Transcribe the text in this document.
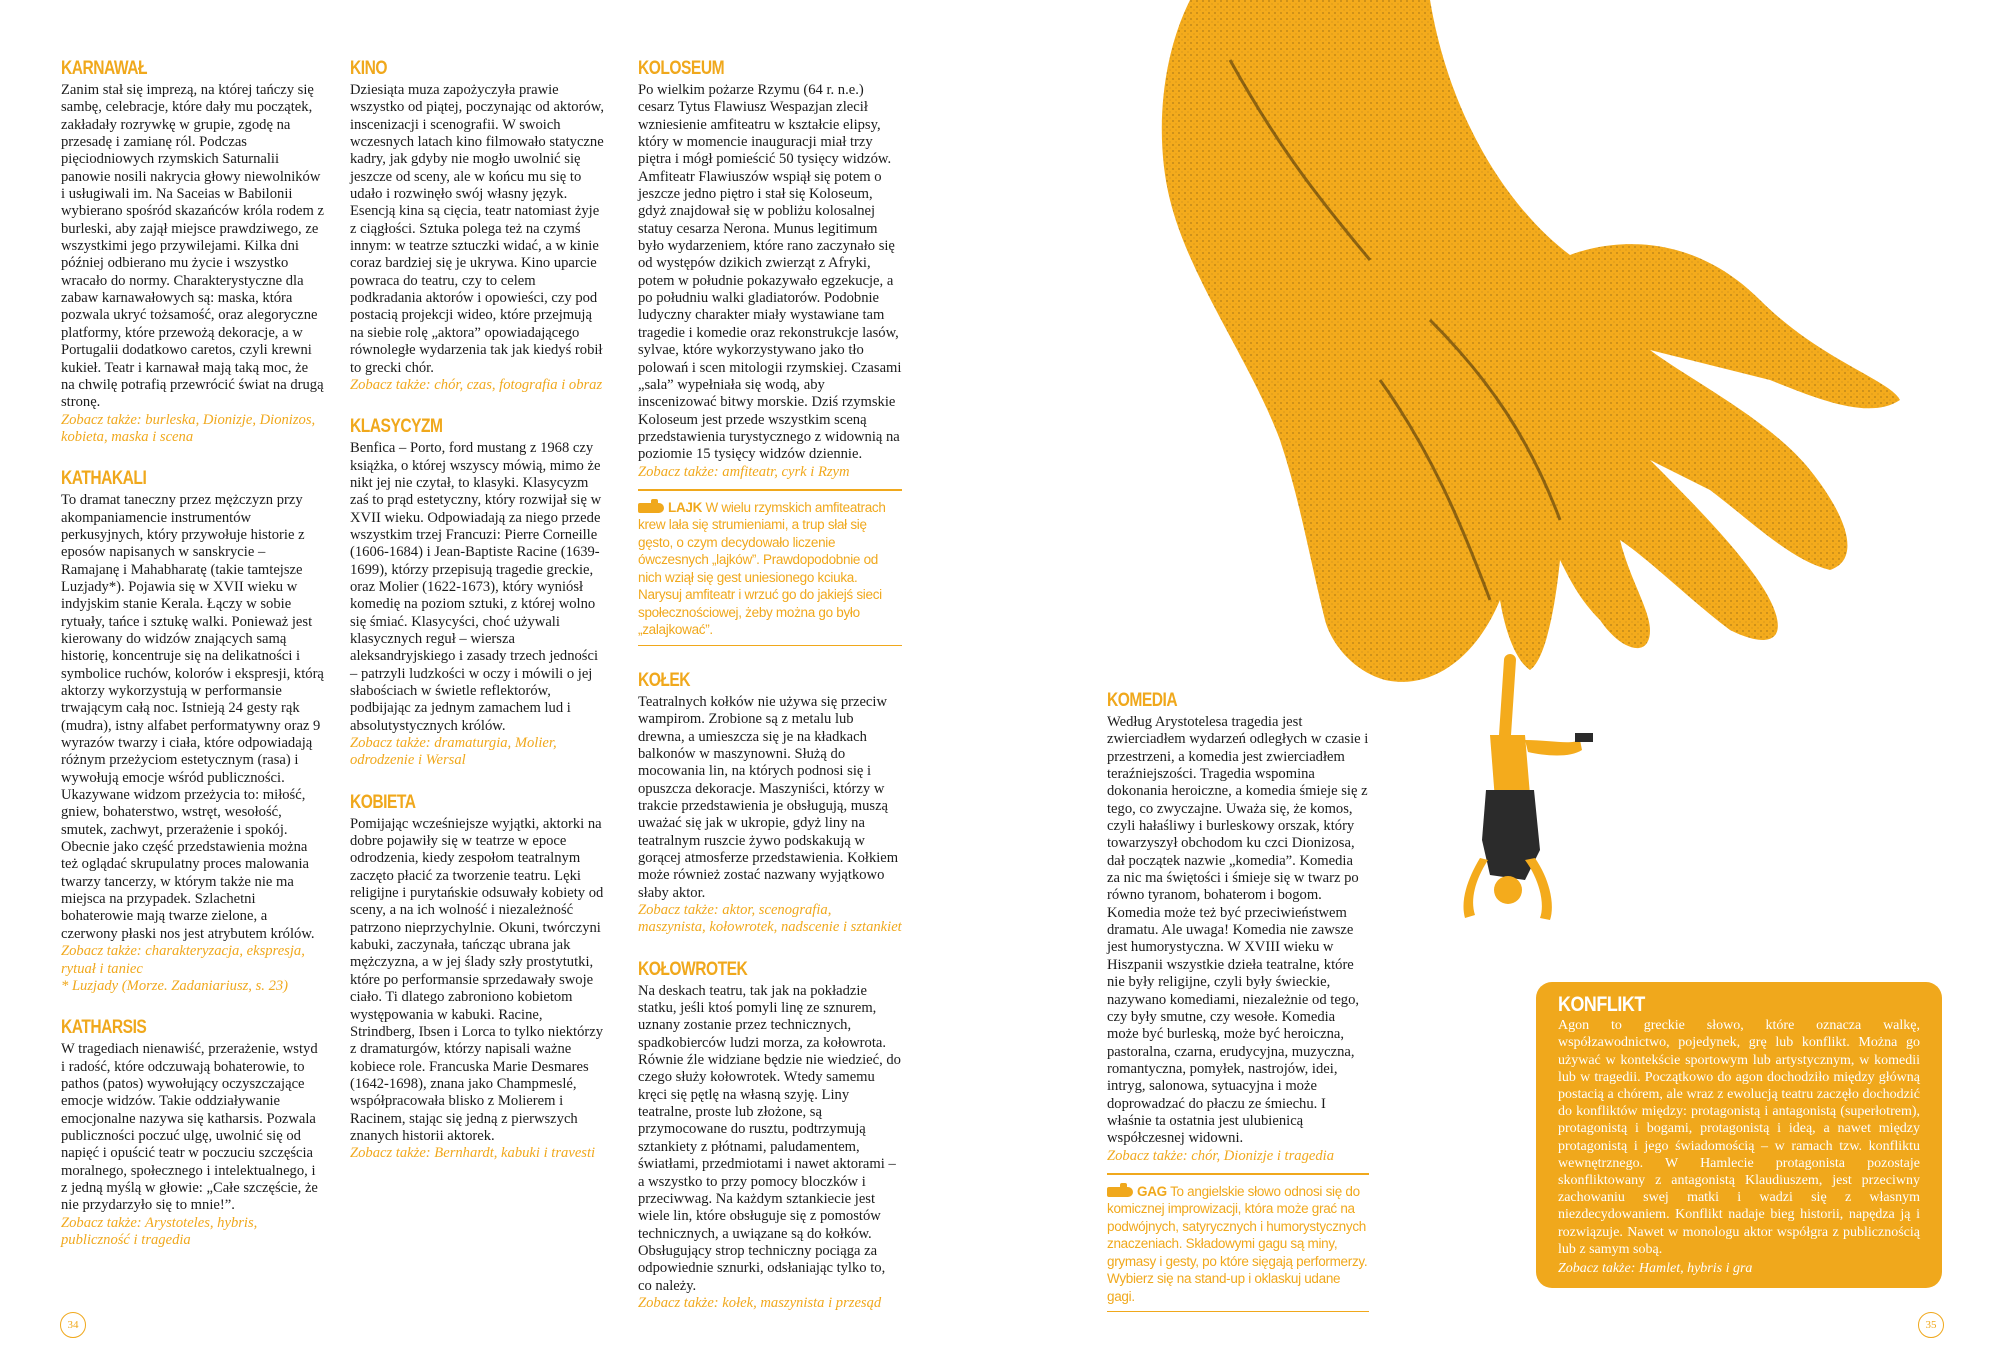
KARNAWAŁ

Zanim stał się imprezą, na której tańczy się sambę, celebracje, które dały mu początek, zakładały rozrywkę w grupie, zgodę na przesadę i zamianę ról. Podczas pięciodniowych rzymskich Saturnalii panowie nosili nakrycia głowy niewolników i usługiwali im. Na Saceias w Babilonii wybierano spośród skazańców króla rodem z burleski, aby zajął miejsce prawdziwego, ze wszystkimi jego przywilejami. Kilka dni później odbierano mu życie i wszystko wracało do normy. Charakterystyczne dla zabaw karnawałowych są: maska, która pozwala ukryć tożsamość, oraz alegoryczne platformy, które przewożą dekoracje, a w Portugalii dodatkowo caretos, czyli krewni kukieł. Teatr i karnawał mają taką moc, że na chwilę potrafią przewrócić świat na drugą stronę.

Zobacz także: burleska, Dionizje, Dionizos, kobieta, maska i scena

KATHAKALI

To dramat taneczny przez mężczyzn przy akompaniamencie instrumentów perkusyjnych, który przywołuje historie z eposów napisanych w sanskrycie – Ramajanę i Mahabharatę (takie tamtejsze Luzjady*). Pojawia się w XVII wieku w indyjskim stanie Kerala. Łączy w sobie rytuały, tańce i sztukę walki. Ponieważ jest kierowany do widzów znających samą historię, koncentruje się na delikatności i symbolice ruchów, kolorów i ekspresji, którą aktorzy wykorzystują w performansie trwającym całą noc. Istnieją 24 gesty rąk (mudra), istny alfabet performatywny oraz 9 wyrazów twarzy i ciała, które odpowiadają różnym przeżyciom estetycznym (rasa) i wywołują emocje wśród publiczności. Ukazywane widzom przeżycia to: miłość, gniew, bohaterstwo, wstręt, wesołość, smutek, zachwyt, przerażenie i spokój. Obecnie jako część przedstawienia można też oglądać skrupulatny proces malowania twarzy tancerzy, w którym także nie ma miejsca na przypadek. Szlachetni bohaterowie mają twarze zielone, a czerwony płaski nos jest atrybutem królów.

Zobacz także: charakteryzacja, ekspresja, rytuał i taniec

* Luzjady (Morze. Zadaniariusz, s. 23)

KATHARSIS

W tragediach nienawiść, przerażenie, wstyd i radość, które odczuwają bohaterowie, to pathos (patos) wywołujący oczyszczające emocje widzów. Takie oddziaływanie emocjonalne nazywa się katharsis. Pozwala publiczności poczuć ulgę, uwolnić się od napięć i opuścić teatr w poczuciu szczęścia moralnego, społecznego i intelektualnego, i z jedną myślą w głowie: „Całe szczęście, że nie przydarzyło się to mnie!”.

Zobacz także: Arystoteles, hybris, publiczność i tragedia

KINO

Dziesiąta muza zapożyczyła prawie wszystko od piątej, poczynając od aktorów, inscenizacji i scenografii. W swoich wczesnych latach kino filmowało statyczne kadry, jak gdyby nie mogło uwolnić się jeszcze od sceny, ale w końcu mu się to udało i rozwinęło swój własny język. Esencją kina są cięcia, teatr natomiast żyje z ciągłości. Sztuka polega też na czymś innym: w teatrze sztuczki widać, a w kinie coraz bardziej się je ukrywa. Kino uparcie powraca do teatru, czy to celem podkradania aktorów i opowieści, czy pod postacią projekcji wideo, które przejmują na siebie rolę „aktora” opowiadającego równoległe wydarzenia tak jak kiedyś robił to grecki chór.

Zobacz także: chór, czas, fotografia i obraz

KLASYCYZM

Benfica – Porto, ford mustang z 1968 czy książka, o której wszyscy mówią, mimo że nikt jej nie czytał, to klasyki. Klasycyzm zaś to prąd estetyczny, który rozwijał się w XVII wieku. Odpowiadają za niego przede wszystkim trzej Francuzi: Pierre Corneille (1606-1684) i Jean-Baptiste Racine (1639-1699), którzy przepisują tragedie greckie, oraz Molier (1622-1673), który wyniósł komedię na poziom sztuki, z której wolno się śmiać. Klasycyści, choć używali klasycznych reguł – wiersza aleksandryjskiego i zasady trzech jedności – patrzyli ludzkości w oczy i mówili o jej słabościach w świetle reflektorów, podbijając za jednym zamachem lud i absolutystycznych królów.

Zobacz także: dramaturgia, Molier, odrodzenie i Wersal

KOBIETA

Pomijając wcześniejsze wyjątki, aktorki na dobre pojawiły się w teatrze w epoce odrodzenia, kiedy zespołom teatralnym zaczęto płacić za tworzenie teatru. Lęki religijne i purytańskie odsuwały kobiety od sceny, a na ich wolność i niezależność patrzono nieprzychylnie. Okuni, twórczyni kabuki, zaczynała, tańcząc ubrana jak mężczyzna, a w jej ślady szły prostytutki, które po performansie sprzedawały swoje ciało. Ti dlatego zabroniono kobietom występowania w kabuki. Racine, Strindberg, Ibsen i Lorca to tylko niektórzy z dramaturgów, którzy napisali ważne kobiece role. Francuska Marie Desmares (1642-1698), znana jako Champmeslé, współpracowała blisko z Molierem i Racinem, stając się jedną z pierwszych znanych historii aktorek.

Zobacz także: Bernhardt, kabuki i travesti

KOLOSEUM

Po wielkim pożarze Rzymu (64 r. n.e.) cesarz Tytus Flawiusz Wespazjan zlecił wzniesienie amfiteatru w kształcie elipsy, który w momencie inauguracji miał trzy piętra i mógł pomieścić 50 tysięcy widzów. Amfiteatr Flawiuszów wspiął się potem o jeszcze jedno piętro i stał się Koloseum, gdyż znajdował się w pobliżu kolosalnej statuy cesarza Nerona. Munus legitimum było wydarzeniem, które rano zaczynało się od występów dzikich zwierząt z Afryki, potem w południe pokazywało egzekucje, a po południu walki gladiatorów. Podobnie ludyczny charakter miały wystawiane tam tragedie i komedie oraz rekonstrukcje lasów, sylvae, które wykorzystywano jako tło polowań i scen mitologii rzymskiej. Czasami „sala” wypełniała się wodą, aby inscenizować bitwy morskie. Dziś rzymskie Koloseum jest przede wszystkim sceną przedstawienia turystycznego z widownią na poziomie 15 tysięcy widzów dziennie.

Zobacz także: amfiteatr, cyrk i Rzym

LAJK W wielu rzymskich amfiteatrach krew lała się strumieniami, a trup słał się gęsto, o czym decydowało liczenie ówczesnych „lajków”. Prawdopodobnie od nich wziął się gest uniesionego kciuka. Narysuj amfiteatr i wrzuć go do jakiejś sieci społecznościowej, żeby można go było „zalajkować”.
KOŁEK

Teatralnych kołków nie używa się przeciw wampirom. Zrobione są z metalu lub drewna, a umieszcza się je na kładkach balkonów w maszynowni. Służą do mocowania lin, na których podnosi się i opuszcza dekoracje. Maszyniści, którzy w trakcie przedstawienia je obsługują, muszą uważać się jak w ukropie, gdyż liny na teatralnym ruszcie żywo podskakują w gorącej atmosferze przedstawienia. Kołkiem może również zostać nazwany wyjątkowo słaby aktor.

Zobacz także: aktor, scenografia, maszynista, kołowrotek, nadscenie i sztankiet

KOŁOWROTEK

Na deskach teatru, tak jak na pokładzie statku, jeśli ktoś pomyli linę ze sznurem, uznany zostanie przez technicznych, spadkobierców ludzi morza, za kołowrota. Równie źle widziane będzie nie wiedzieć, do czego służy kołowrotek. Wtedy samemu kręci się pętlę na własną szyję. Liny teatralne, proste lub złożone, są przymocowane do rusztu, podtrzymują sztankiety z płótnami, paludamentem, światłami, przedmiotami i nawet aktorami – a wszystko to przy pomocy bloczków i przeciwwag. Na każdym sztankiecie jest wiele lin, które obsługuje się z pomostów technicznych, a uwiązane są do kołków. Obsługujący strop techniczny pociąga za odpowiednie sznurki, odsłaniając tylko to, co należy.

Zobacz także: kołek, maszynista i przesąd

KOMEDIA

Według Arystotelesa tragedia jest zwierciadłem wydarzeń odległych w czasie i przestrzeni, a komedia jest zwierciadłem teraźniejszości. Tragedia wspomina dokonania heroiczne, a komedia śmieje się z tego, co zwyczajne. Uważa się, że komos, czyli hałaśliwy i burleskowy orszak, który towarzyszył obchodom ku czci Dionizosa, dał początek nazwie „komedia”. Komedia za nic ma świętości i śmieje się w twarz po równo tyranom, bohaterom i bogom. Komedia może też być przeciwieństwem dramatu. Ale uwaga! Komedia nie zawsze jest humorystyczna. W XVIII wieku w Hiszpanii wszystkie dzieła teatralne, które nie były religijne, czyli były świeckie, nazywano komediami, niezależnie od tego, czy były smutne, czy wesołe. Komedia może być burleską, może być heroiczna, pastoralna, czarna, erudycyjna, muzyczna, romantyczna, pomyłek, nastrojów, idei, intryg, salonowa, sytuacyjna i może doprowadzać do płaczu ze śmiechu. I właśnie ta ostatnia jest ulubienicą współczesnej widowni.

Zobacz także: chór, Dionizje i tragedia

GAG To angielskie słowo odnosi się do komicznej improwizacji, która może grać na podwójnych, satyrycznych i humorystycznych znaczeniach. Składowymi gagu są miny, grymasy i gesty, po które sięgają performerzy. Wybierz się na stand-up i oklaskuj udane gagi.
KONFLIKT
Agon to greckie słowo, które oznacza walkę, współzawodnictwo, pojedynek, grę lub konflikt. Można go używać w kontekście sportowym lub artystycznym, w komedii lub w tragedii. Początkowo do agon dochodziło między główną postacią a chórem, ale wraz z ewolucją teatru zaczęło dochodzić do konfliktów między: protagonistą i antagonistą (superłotrem), protagonistą i bogami, protagonistą i ideą, a nawet między protagonistą i jego świadomością – w ramach tzw. konfliktu wewnętrznego. W Hamlecie protagonista pozostaje skonfliktowany z antagonistą Klaudiuszem, jest przeciwny zachowaniu swej matki i wadzi się z własnym niezdecydowaniem. Konflikt nadaje bieg historii, napędza ją i rozwiązuje. Nawet w monologu aktor współgra z publicznością lub z samym sobą.
Zobacz także: Hamlet, hybris i gra
34	35
